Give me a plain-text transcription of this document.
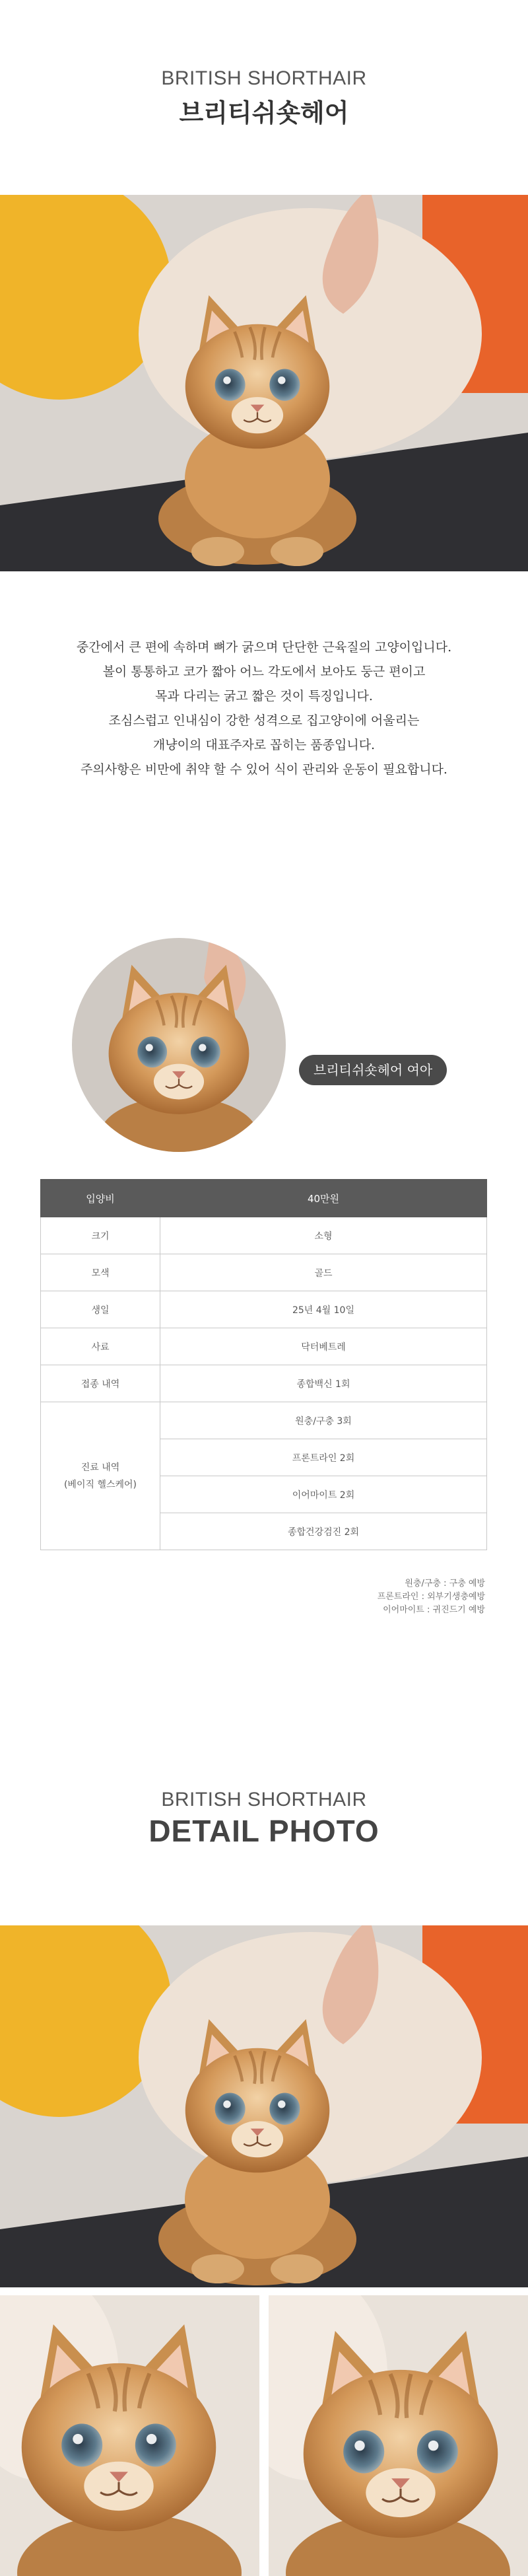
BRITISH SHORTHAIR
브리티쉬숏헤어
중간에서 큰 편에 속하며 뼈가 굵으며 단단한 근육질의 고양이입니다.
볼이 통통하고 코가 짧아 어느 각도에서 보아도 둥근 편이고
목과 다리는 굵고 짧은 것이 특징입니다.
조심스럽고 인내심이 강한 성격으로 집고양이에 어울리는
개냥이의 대표주자로 꼽히는 품종입니다.
주의사항은 비만에 취약 할 수 있어 식이 관리와 운동이 필요합니다.
브리티쉬숏헤어 여아
입양비	40만원
크기	소형
모색	골드
생일	25년 4월 10일
사료	닥터베트레
접종 내역	종합백신 1회

진료 내역
(베이직 헬스케어)	원충/구충 3회
	프론트라인 2회
	이어마이트 2회
	종합건강검진 2회
원충/구충 : 구충 예방
프론트라인 : 외부기생충예방
이어마이트 : 귀진드기 예방
BRITISH SHORTHAIR
DETAIL PHOTO
